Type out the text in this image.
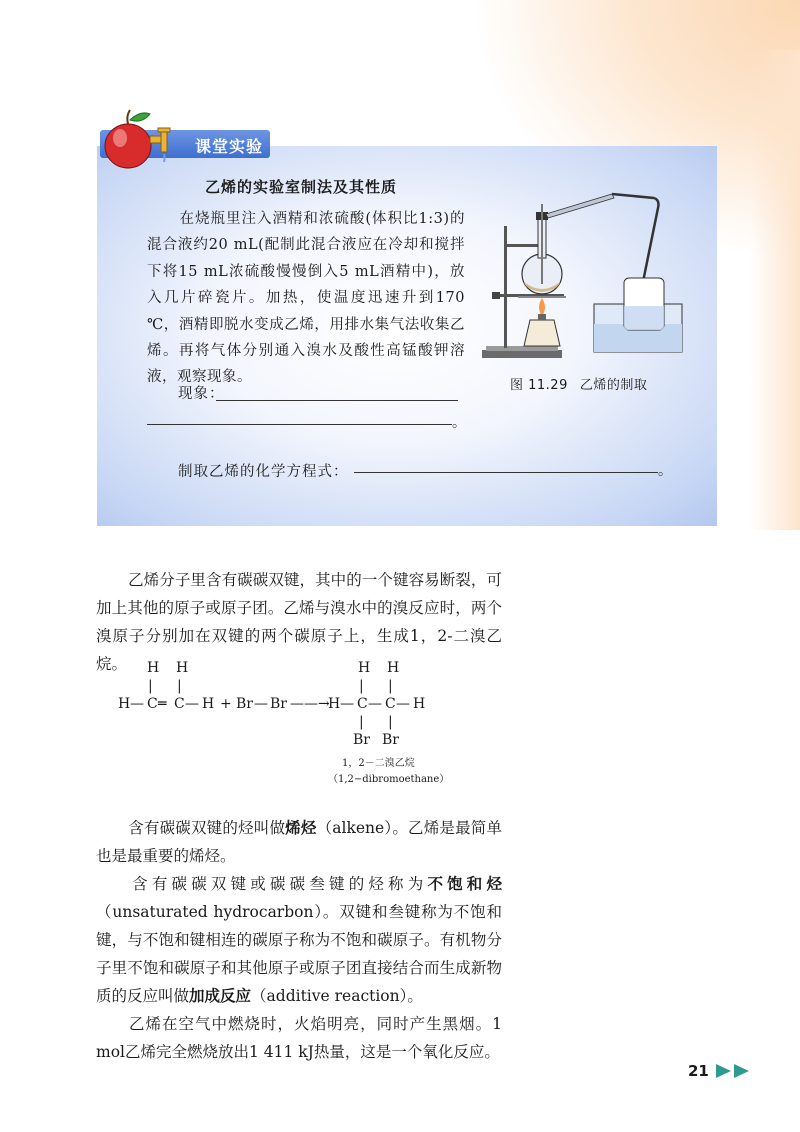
课堂实验
乙烯的实验室制法及其性质
在烧瓶里注入酒精和浓硫酸(体积比1:3)的混合液约20 mL(配制此混合液应在冷却和搅拌下将15 mL浓硫酸慢慢倒入5 mL酒精中)，放入几片碎瓷片。加热，使温度迅速升到170 ℃，酒精即脱水变成乙烯，用排水集气法收集乙烯。再将气体分别通入溴水及酸性高锰酸钾溶液，观察现象。
现象：
。
制取乙烯的化学方程式：	。
图 11.29 乙烯的制取
乙烯分子里含有碳碳双键，其中的一个键容易断裂，可加上其他的原子或原子团。乙烯与溴水中的溴反应时，两个溴原子分别加在双键的两个碳原子上，生成1，2-二溴乙烷。	H H
| |
H — C ═ C — H + Br — Br ——→
H H
| |
H — C — C — H
| |
Br Br
1，2－二溴乙烷
（1,2−dibromoethane）
含有碳碳双键的烃叫做烯烃（alkene）。乙烯是最简单也是最重要的烯烃。
含有碳碳双键或碳碳叁键的烃称为不饱和烃（unsaturated hydrocarbon）。双键和叁键称为不饱和键，与不饱和键相连的碳原子称为不饱和碳原子。有机物分子里不饱和碳原子和其他原子或原子团直接结合而生成新物质的反应叫做加成反应（additive reaction）。
乙烯在空气中燃烧时，火焰明亮，同时产生黑烟。1 mol乙烯完全燃烧放出1 411 kJ热量，这是一个氧化反应。
21
